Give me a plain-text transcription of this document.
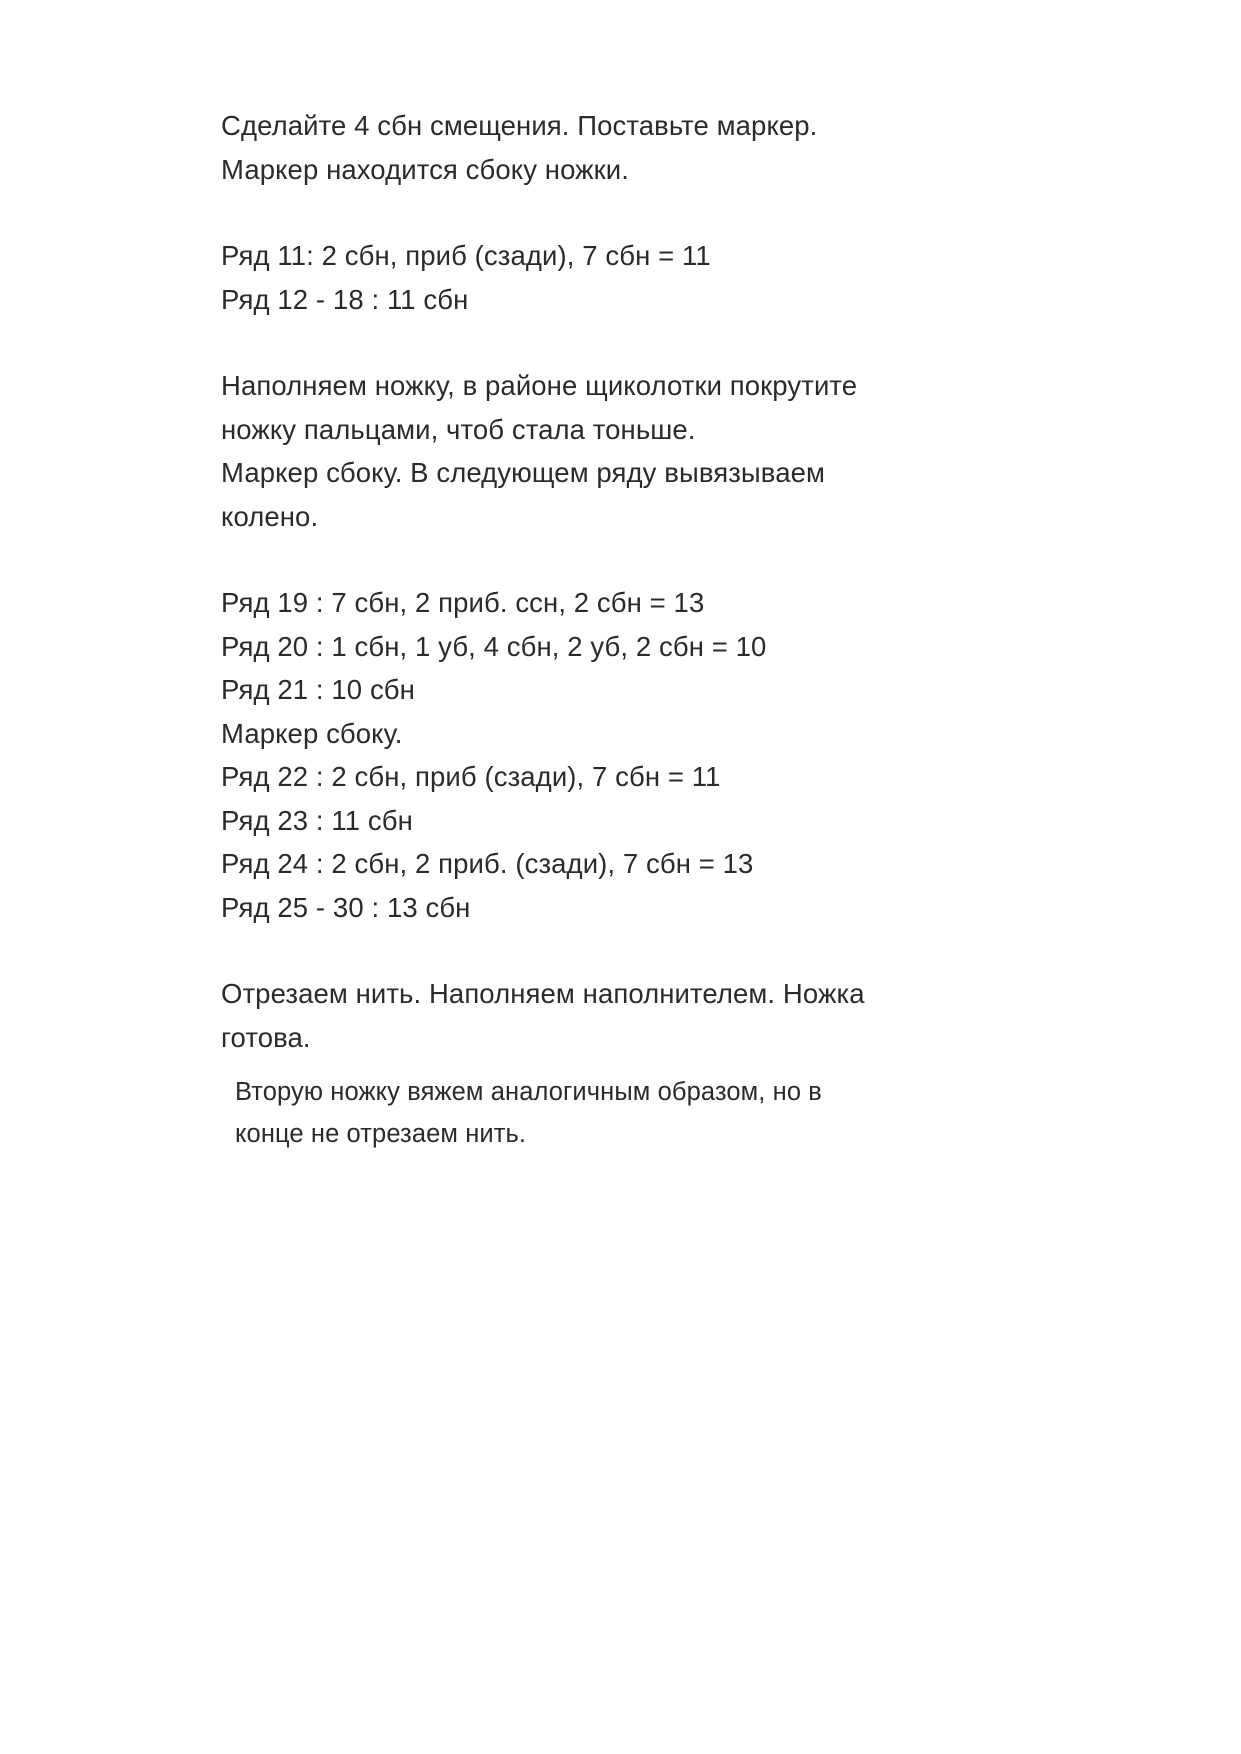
Сделайте 4 сбн смещения. Поставьте маркер.
Маркер находится сбоку ножки.
Ряд 11: 2 сбн, приб (сзади), 7 сбн = 11
Ряд 12 - 18 : 11 сбн
Наполняем ножку, в районе щиколотки покрутите
ножку пальцами, чтоб стала тоньше.
Маркер сбоку. В следующем ряду вывязываем
колено.
Ряд 19 : 7 сбн, 2 приб. ссн, 2 сбн = 13
Ряд 20 : 1 сбн, 1 уб, 4 сбн, 2 уб, 2 сбн = 10
Ряд 21 : 10 сбн
Маркер сбоку.
Ряд 22 : 2 сбн, приб (сзади), 7 сбн = 11
Ряд 23 : 11 сбн
Ряд 24 : 2 сбн, 2 приб. (сзади), 7 сбн = 13
Ряд 25 - 30 : 13 сбн
Отрезаем нить. Наполняем наполнителем. Ножка
готова.
Вторую ножку вяжем аналогичным образом, но в
конце не отрезаем нить.
